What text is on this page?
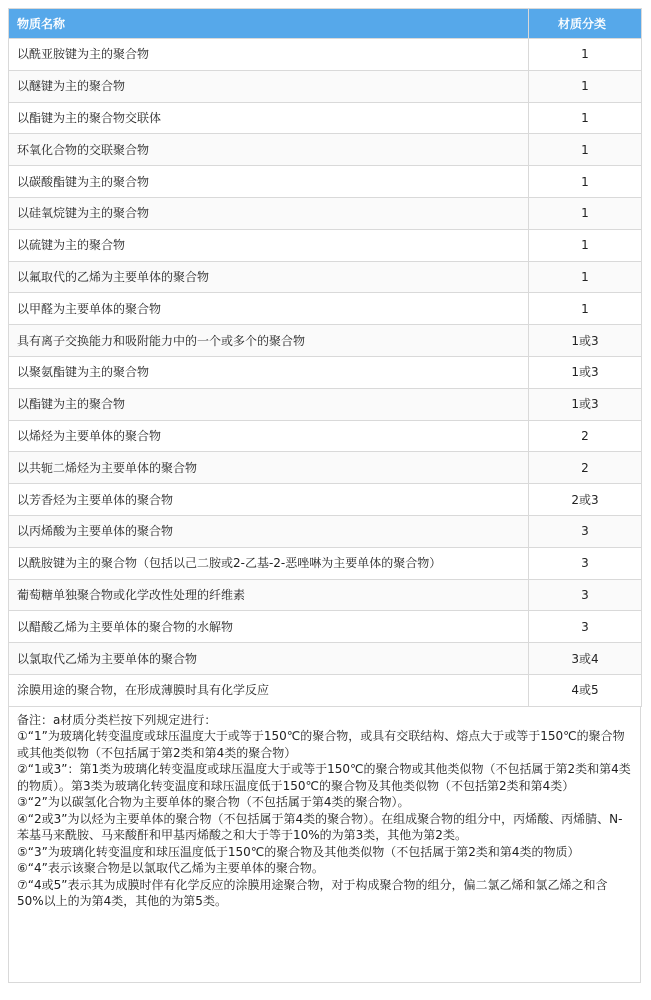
物质名称	材质分类
以酰亚胺键为主的聚合物	1
以醚键为主的聚合物	1
以酯键为主的聚合物交联体	1
环氧化合物的交联聚合物	1
以碳酸酯键为主的聚合物	1
以硅氧烷键为主的聚合物	1
以硫键为主的聚合物	1
以氟取代的乙烯为主要单体的聚合物	1
以甲醛为主要单体的聚合物	1
具有离子交换能力和吸附能力中的一个或多个的聚合物	1或3
以聚氨酯键为主的聚合物	1或3
以酯键为主的聚合物	1或3
以烯烃为主要单体的聚合物	2
以共轭二烯烃为主要单体的聚合物	2
以芳香烃为主要单体的聚合物	2或3
以丙烯酸为主要单体的聚合物	3
以酰胺键为主的聚合物（包括以己二胺或2-乙基-2-恶唑啉为主要单体的聚合物）	3
葡萄糖单独聚合物或化学改性处理的纤维素	3
以醋酸乙烯为主要单体的聚合物的水解物	3
以氯取代乙烯为主要单体的聚合物	3或4
涂膜用途的聚合物，在形成薄膜时具有化学反应	4或5

备注：a材质分类栏按下列规定进行：

①“1”为玻璃化转变温度或球压温度大于或等于150℃的聚合物，或具有交联结构、熔点大于或等于150℃的聚合物或其他类似物（不包括属于第2类和第4类的聚合物）

②“1或3”：第1类为玻璃化转变温度或球压温度大于或等于150℃的聚合物或其他类似物（不包括属于第2类和第4类的物质）。第3类为玻璃化转变温度和球压温度低于150℃的聚合物及其他类似物（不包括第2类和第4类）

③“2”为以碳氢化合物为主要单体的聚合物（不包括属于第4类的聚合物）。

④“2或3”为以烃为主要单体的聚合物（不包括属于第4类的聚合物）。在组成聚合物的组分中，丙烯酸、丙烯腈、N-苯基马来酰胺、马来酸酐和甲基丙烯酸之和大于等于10%的为第3类，其他为第2类。

⑤“3”为玻璃化转变温度和球压温度低于150℃的聚合物及其他类似物（不包括属于第2类和第4类的物质）

⑥“4”表示该聚合物是以氯取代乙烯为主要单体的聚合物。

⑦“4或5”表示其为成膜时伴有化学反应的涂膜用途聚合物，对于构成聚合物的组分，偏二氯乙烯和氯乙烯之和含50%以上的为第4类，其他的为第5类。
